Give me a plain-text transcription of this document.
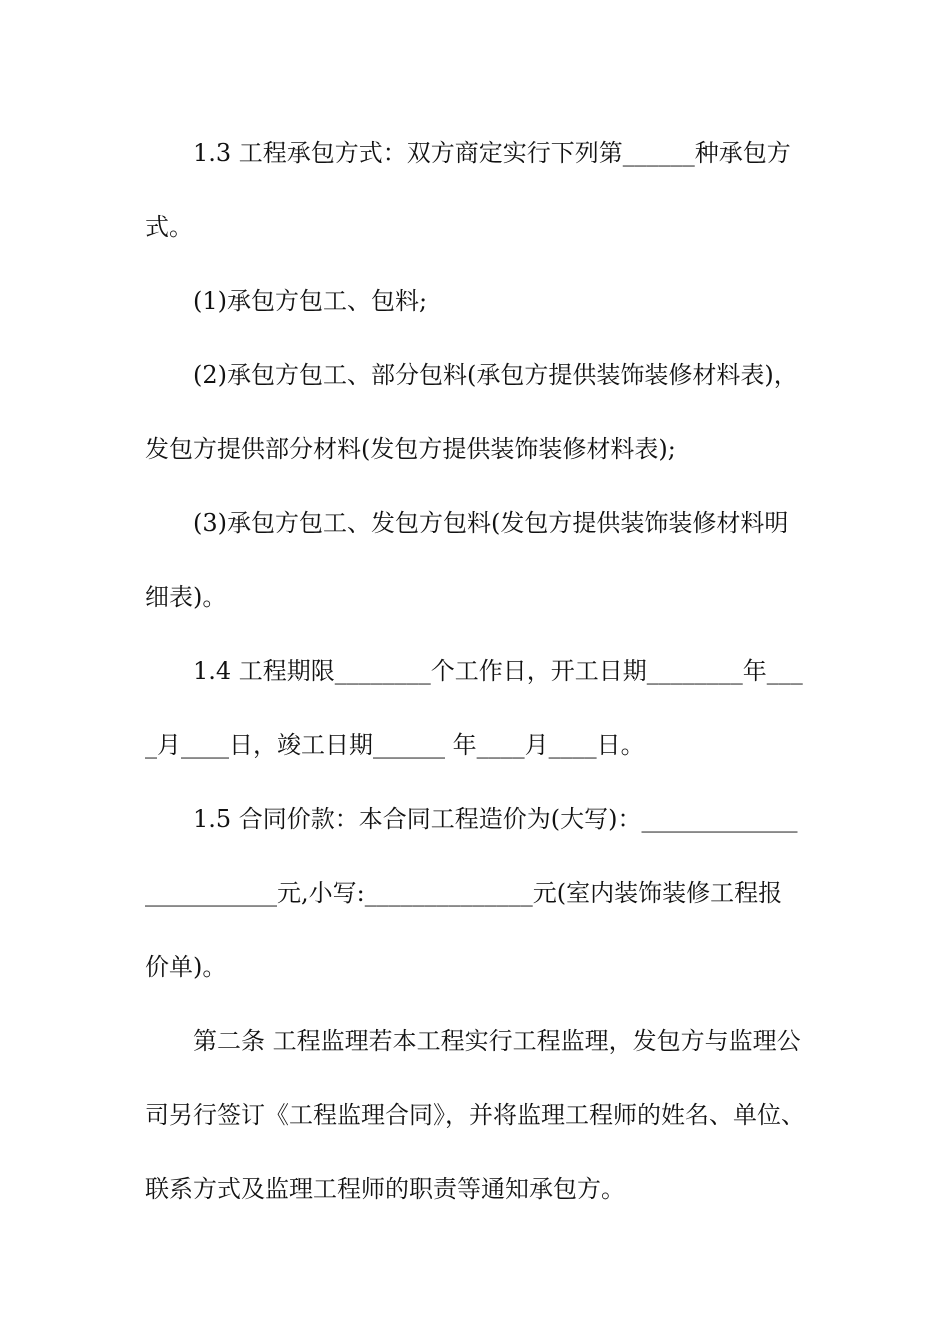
1.3 工程承包方式：双方商定实行下列第______种承包方
式。
(1)承包方包工、包料;
(2)承包方包工、部分包料(承包方提供装饰装修材料表)，
发包方提供部分材料(发包方提供装饰装修材料表);
(3)承包方包工、发包方包料(发包方提供装饰装修材料明
细表)。
1.4 工程期限________个工作日，开工日期________年___
_月____日，竣工日期______ 年____月____日。
1.5 合同价款：本合同工程造价为(大写)：_____________
___________元,小写:______________元(室内装饰装修工程报
价单)。
第二条 工程监理若本工程实行工程监理，发包方与监理公
司另行签订《工程监理合同》，并将监理工程师的姓名、单位、
联系方式及监理工程师的职责等通知承包方。
